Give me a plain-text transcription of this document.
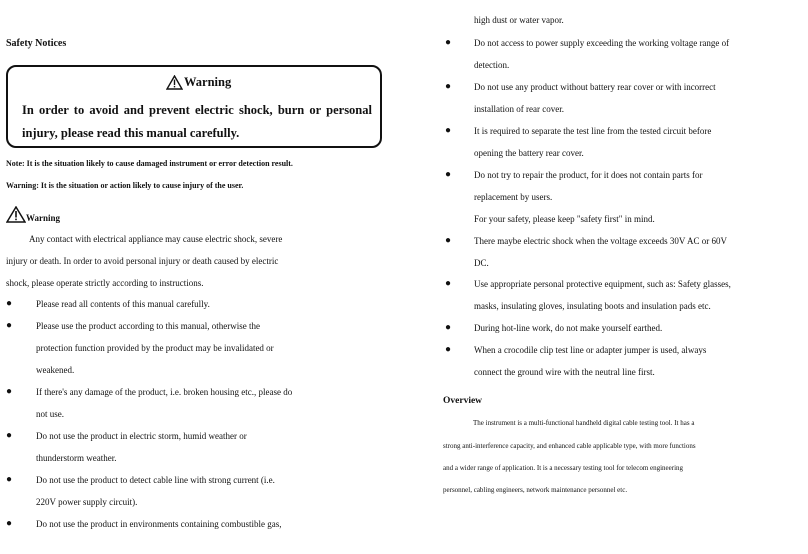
Safety Notices
Warning
In order to avoid and prevent electric shock, burn or personal
injury, please read this manual carefully.
Note: It is the situation likely to cause damaged instrument or error detection result.
Warning: It is the situation or action likely to cause injury of the user.
Warning
Any contact with electrical appliance may cause electric shock, severe
injury or death. In order to avoid personal injury or death caused by electric
shock, please operate strictly according to instructions.
●	Please read all contents of this manual carefully.
●	Please use the product according to this manual, otherwise the
protection function provided by the product may be invalidated or
weakened.
●	If there's any damage of the product, i.e. broken housing etc., please do
not use.
●	Do not use the product in electric storm, humid weather or
thunderstorm weather.
●	Do not use the product to detect cable line with strong current (i.e.
220V power supply circuit).
●	Do not use the product in environments containing combustible gas,
high dust or water vapor.
●	Do not access to power supply exceeding the working voltage range of
detection.
●	Do not use any product without battery rear cover or with incorrect
installation of rear cover.
●	It is required to separate the test line from the tested circuit before
opening the battery rear cover.
●	Do not try to repair the product, for it does not contain parts for
replacement by users.
For your safety, please keep "safety first" in mind.
●	There maybe electric shock when the voltage exceeds 30V AC or 60V
DC.
●	Use appropriate personal protective equipment, such as: Safety glasses,
masks, insulating gloves, insulating boots and insulation pads etc.
●	During hot-line work, do not make yourself earthed.
●	When a crocodile clip test line or adapter jumper is used, always
connect the ground wire with the neutral line first.
Overview
The instrument is a multi-functional handheld digital cable testing tool. It has a
strong anti-interference capacity, and enhanced cable applicable type, with more functions
and a wider range of application. It is a necessary testing tool for telecom engineering
personnel, cabling engineers, network maintenance personnel etc.
